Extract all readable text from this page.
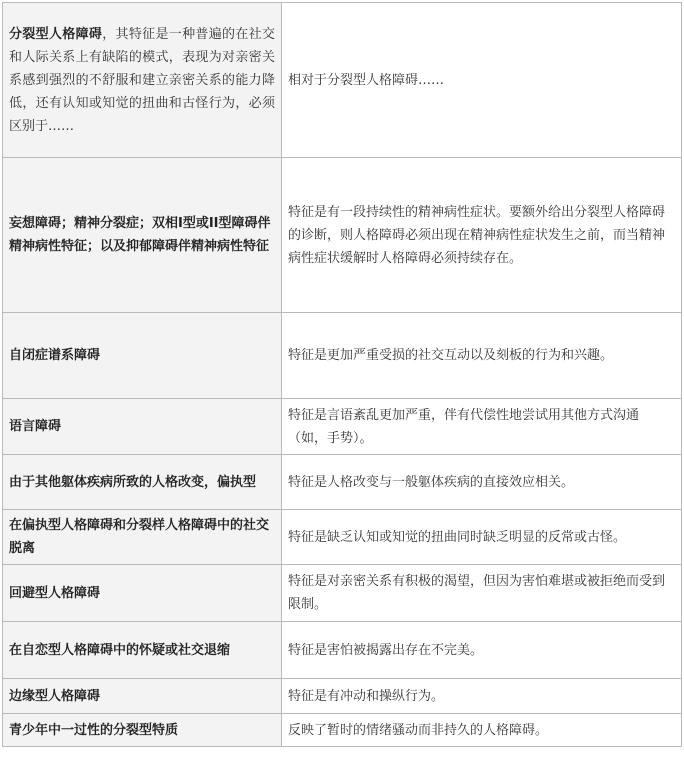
分裂型人格障碍，其特征是一种普遍的在社交和人际关系上有缺陷的模式，表现为对亲密关系感到强烈的不舒服和建立亲密关系的能力降低，还有认知或知觉的扭曲和古怪行为，必须区别于……	相对于分裂型人格障碍……
妄想障碍；精神分裂症；双相I型或II型障碍伴精神病性特征；以及抑郁障碍伴精神病性特征	特征是有一段持续性的精神病性症状。要额外给出分裂型人格障碍的诊断，则人格障碍必须出现在精神病性症状发生之前，而当精神病性症状缓解时人格障碍必须持续存在。
自闭症谱系障碍	特征是更加严重受损的社交互动以及刻板的行为和兴趣。
语言障碍	特征是言语紊乱更加严重，伴有代偿性地尝试用其他方式沟通（如，手势）。
由于其他躯体疾病所致的人格改变，偏执型	特征是人格改变与一般躯体疾病的直接效应相关。
在偏执型人格障碍和分裂样人格障碍中的社交脱离	特征是缺乏认知或知觉的扭曲同时缺乏明显的反常或古怪。
回避型人格障碍	特征是对亲密关系有积极的渴望，但因为害怕难堪或被拒绝而受到限制。
在自恋型人格障碍中的怀疑或社交退缩	特征是害怕被揭露出存在不完美。
边缘型人格障碍	特征是有冲动和操纵行为。
青少年中一过性的分裂型特质	反映了暂时的情绪骚动而非持久的人格障碍。
